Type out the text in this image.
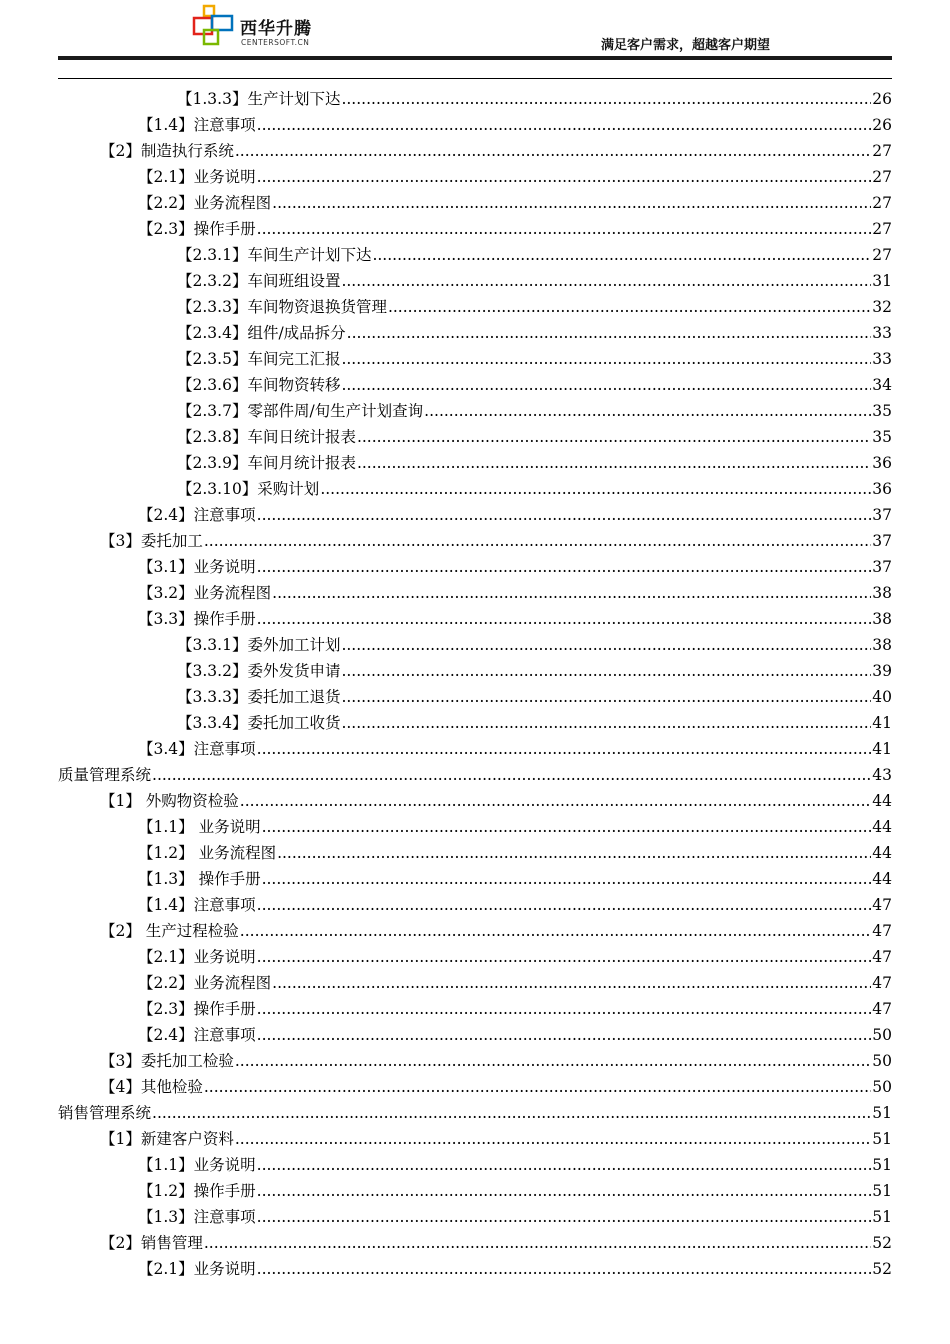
西华升腾
CENTERSOFT.CN	满足客户需求，超越客户期望
【1.3.3】生产计划下达 .....	26
【1.4】注意事项 .....	26
【2】制造执行系统 .....	27
【2.1】业务说明 .....	27
【2.2】业务流程图 .....	27
【2.3】操作手册 .....	27
【2.3.1】车间生产计划下达 .....	27
【2.3.2】车间班组设置 .....	31
【2.3.3】车间物资退换货管理 .....	32
【2.3.4】组件/成品拆分 .....	33
【2.3.5】车间完工汇报 .....	33
【2.3.6】车间物资转移 .....	34
【2.3.7】零部件周/旬生产计划查询 .....	35
【2.3.8】车间日统计报表 .....	35
【2.3.9】车间月统计报表 .....	36
【2.3.10】采购计划 .....	36
【2.4】注意事项 .....	37
【3】委托加工 .....	37
【3.1】业务说明 .....	37
【3.2】业务流程图 .....	38
【3.3】操作手册 .....	38
【3.3.1】委外加工计划 .....	38
【3.3.2】委外发货申请 .....	39
【3.3.3】委托加工退货 .....	40
【3.3.4】委托加工收货 .....	41
【3.4】注意事项 .....	41
质量管理系统 .....	43
【1】 外购物资检验 .....	44
【1.1】 业务说明 .....	44
【1.2】 业务流程图 .....	44
【1.3】 操作手册 .....	44
【1.4】注意事项 .....	47
【2】 生产过程检验 .....	47
【2.1】业务说明 .....	47
【2.2】业务流程图 .....	47
【2.3】操作手册 .....	47
【2.4】注意事项 .....	50
【3】委托加工检验 .....	50
【4】其他检验 .....	50
销售管理系统 .....	51
【1】新建客户资料 .....	51
【1.1】业务说明 .....	51
【1.2】操作手册 .....	51
【1.3】注意事项 .....	51
【2】销售管理 .....	52
【2.1】业务说明 .....	52
